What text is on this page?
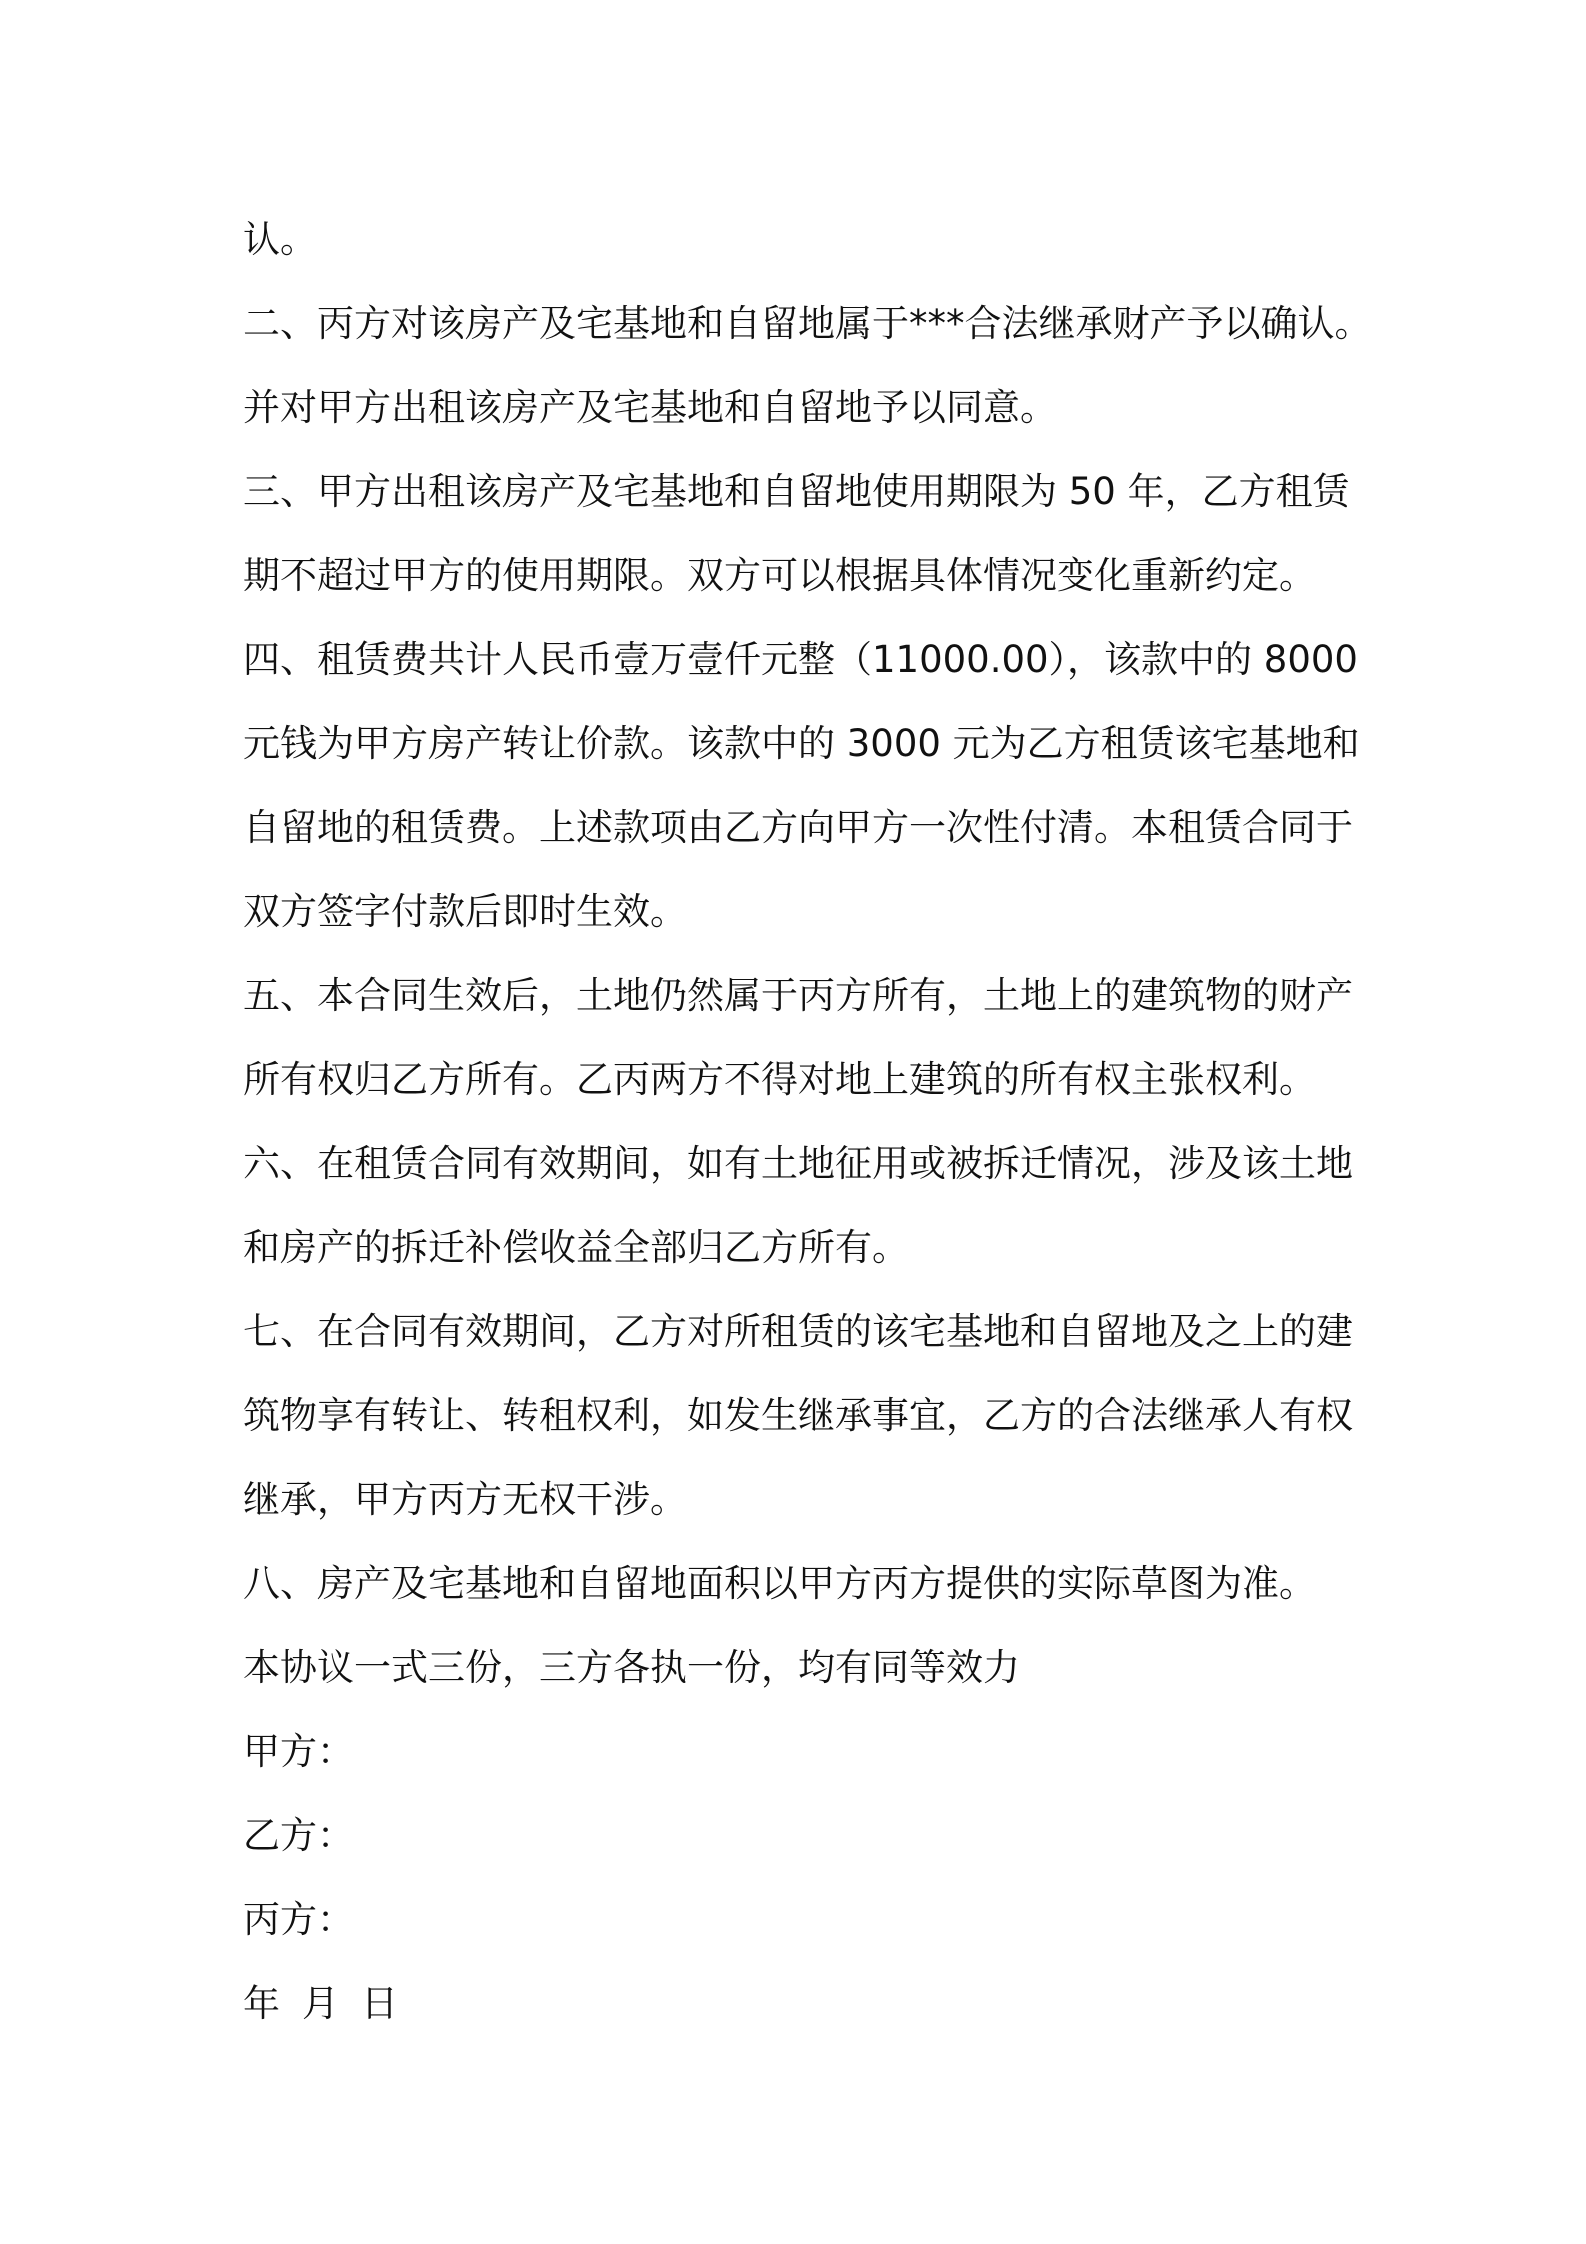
认。
二、丙方对该房产及宅基地和自留地属于***合法继承财产予以确认。
并对甲方出租该房产及宅基地和自留地予以同意。
三、甲方出租该房产及宅基地和自留地使用期限为 50 年，乙方租赁
期不超过甲方的使用期限。双方可以根据具体情况变化重新约定。
四、租赁费共计人民币壹万壹仟元整（11000.00），该款中的 8000
元钱为甲方房产转让价款。该款中的 3000 元为乙方租赁该宅基地和
自留地的租赁费。上述款项由乙方向甲方一次性付清。本租赁合同于
双方签字付款后即时生效。
五、本合同生效后，土地仍然属于丙方所有，土地上的建筑物的财产
所有权归乙方所有。乙丙两方不得对地上建筑的所有权主张权利。
六、在租赁合同有效期间，如有土地征用或被拆迁情况，涉及该土地
和房产的拆迁补偿收益全部归乙方所有。
七、在合同有效期间，乙方对所租赁的该宅基地和自留地及之上的建
筑物享有转让、转租权利，如发生继承事宜，乙方的合法继承人有权
继承，甲方丙方无权干涉。
八、房产及宅基地和自留地面积以甲方丙方提供的实际草图为准。
本协议一式三份，三方各执一份，均有同等效力
甲方：
乙方：
丙方：
年 月 日
